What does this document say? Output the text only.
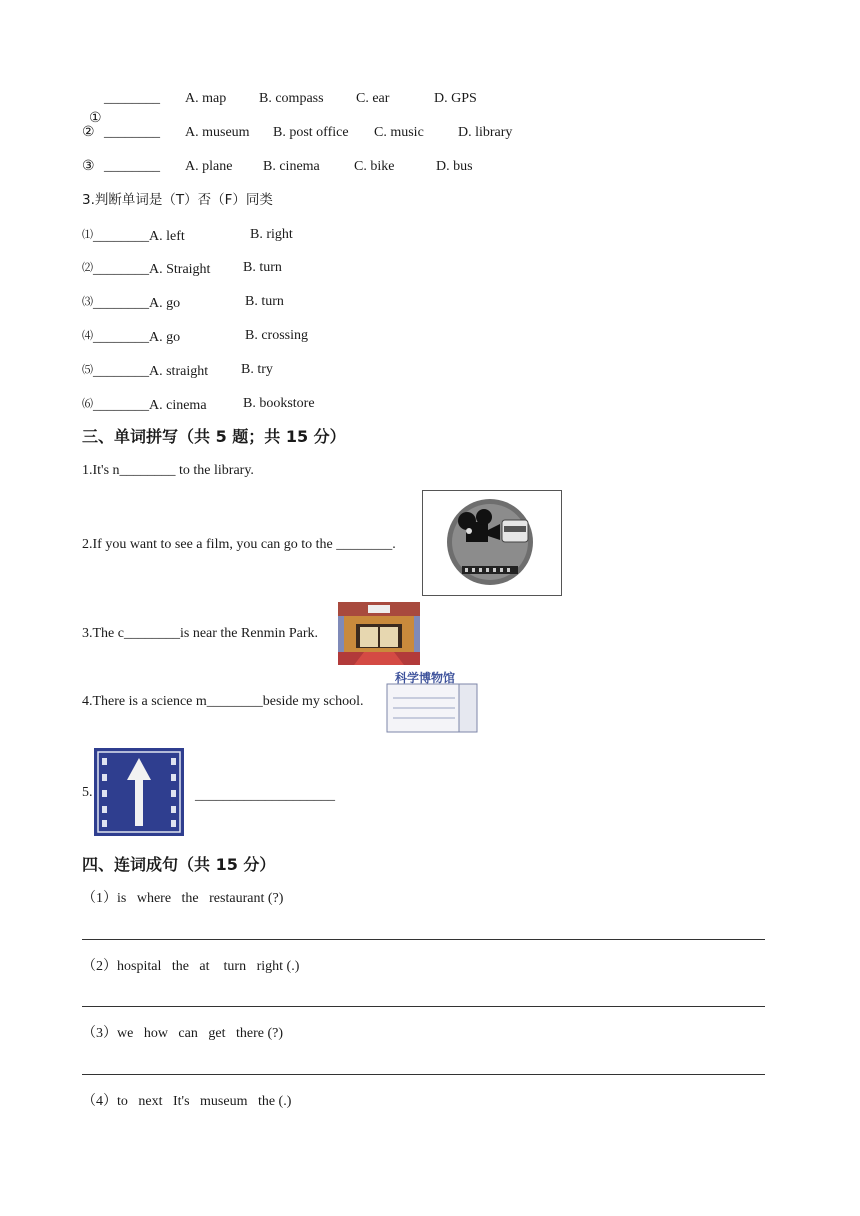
①

________ A. map B. compass C. ear	D. GPS
② ________ A. museum B. post office C. music D. library
③ ________ A. plane B. cinema C. bike	D. bus
3.判断单词是（T）否（F）同类
⑴________A. left	B. right
⑵________A. Straight B. turn
⑶________A. go	B. turn
⑷________A. go	B. crossing
⑸________A. straight B. try
⑹________A. cinema	B. bookstore
三、单词拼写（共 5 题；共 15 分）
1.It's n________ to the library.
2.If you want to see a film, you can go to the ________.
3.The c________is near the Renmin Park.
4.There is a science m________beside my school.
5.	____________________
科学博物馆
四、连词成句（共 15 分）
（1）is   where   the   restaurant (?)
（2）hospital   the   at    turn   right (.)
（3）we   how   can   get   there (?)
（4）to   next   It's   museum   the (.)
